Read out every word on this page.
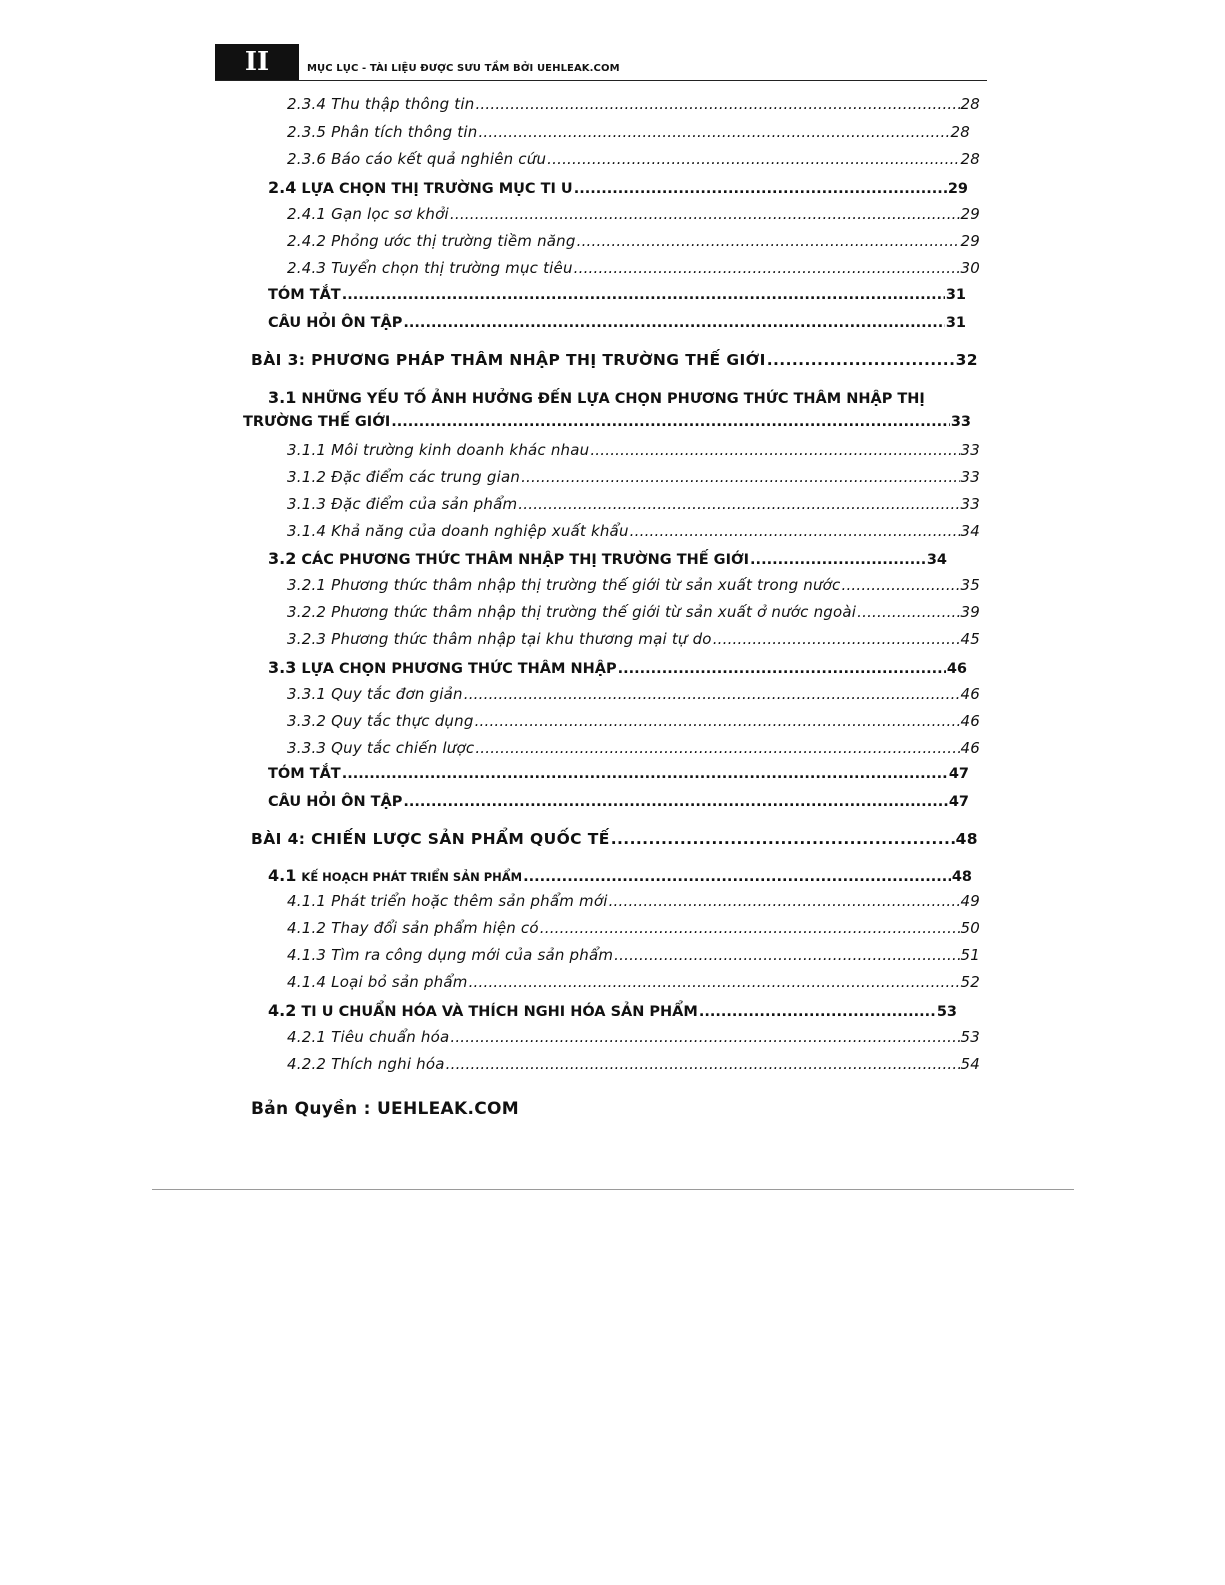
II	MỤC LỤC - TÀI LIỆU ĐƯỢC SƯU TẦM BỞI UEHLEAK.COM
2.3.4 Thu thập thông tin .....	28
2.3.5 Phân tích thông tin .....	28
2.3.6 Báo cáo kết quả nghiên cứu .....	28
2.4 LỰA CHỌN THỊ TRƯỜNG MỤC TI U .....	29
2.4.1 Gạn lọc sơ khởi .....	29
2.4.2 Phỏng ước thị trường tiềm năng .....	29
2.4.3 Tuyển chọn thị trường mục tiêu .....	30
TÓM TẮT .....	31
CÂU HỎI ÔN TẬP .....	31
BÀI 3: PHƯƠNG PHÁP THÂM NHẬP THỊ TRƯỜNG THẾ GIỚI .....	32
3.1 NHỮNG YẾU TỐ ẢNH HƯỞNG ĐẾN LỰA CHỌN PHƯƠNG THỨC THÂM NHẬP THỊ
TRƯỜNG THẾ GIỚI .....	33
3.1.1 Môi trường kinh doanh khác nhau .....	33
3.1.2 Đặc điểm các trung gian .....	33
3.1.3 Đặc điểm của sản phẩm .....	33
3.1.4 Khả năng của doanh nghiệp xuất khẩu .....	34
3.2 CÁC PHƯƠNG THỨC THÂM NHẬP THỊ TRƯỜNG THẾ GIỚI .....	34
3.2.1 Phương thức thâm nhập thị trường thế giới từ sản xuất trong nước .....	35
3.2.2 Phương thức thâm nhập thị trường thế giới từ sản xuất ở nước ngoài .....	39
3.2.3 Phương thức thâm nhập tại khu thương mại tự do .....	45
3.3 LỰA CHỌN PHƯƠNG THỨC THÂM NHẬP .....	46
3.3.1 Quy tắc đơn giản .....	46
3.3.2 Quy tắc thực dụng .....	46
3.3.3 Quy tắc chiến lược .....	46
TÓM TẮT .....	47
CÂU HỎI ÔN TẬP .....	47
BÀI 4: CHIẾN LƯỢC SẢN PHẨM QUỐC TẾ .....	48
4.1 KẾ HOẠCH PHÁT TRIỂN SẢN PHẨM .....	48
4.1.1 Phát triển hoặc thêm sản phẩm mới .....	49
4.1.2 Thay đổi sản phẩm hiện có .....	50
4.1.3 Tìm ra công dụng mới của sản phẩm .....	51
4.1.4 Loại bỏ sản phẩm .....	52
4.2 TI U CHUẨN HÓA VÀ THÍCH NGHI HÓA SẢN PHẨM .....	53
4.2.1 Tiêu chuẩn hóa .....	53
4.2.2 Thích nghi hóa .....	54
Bản Quyền : UEHLEAK.COM
